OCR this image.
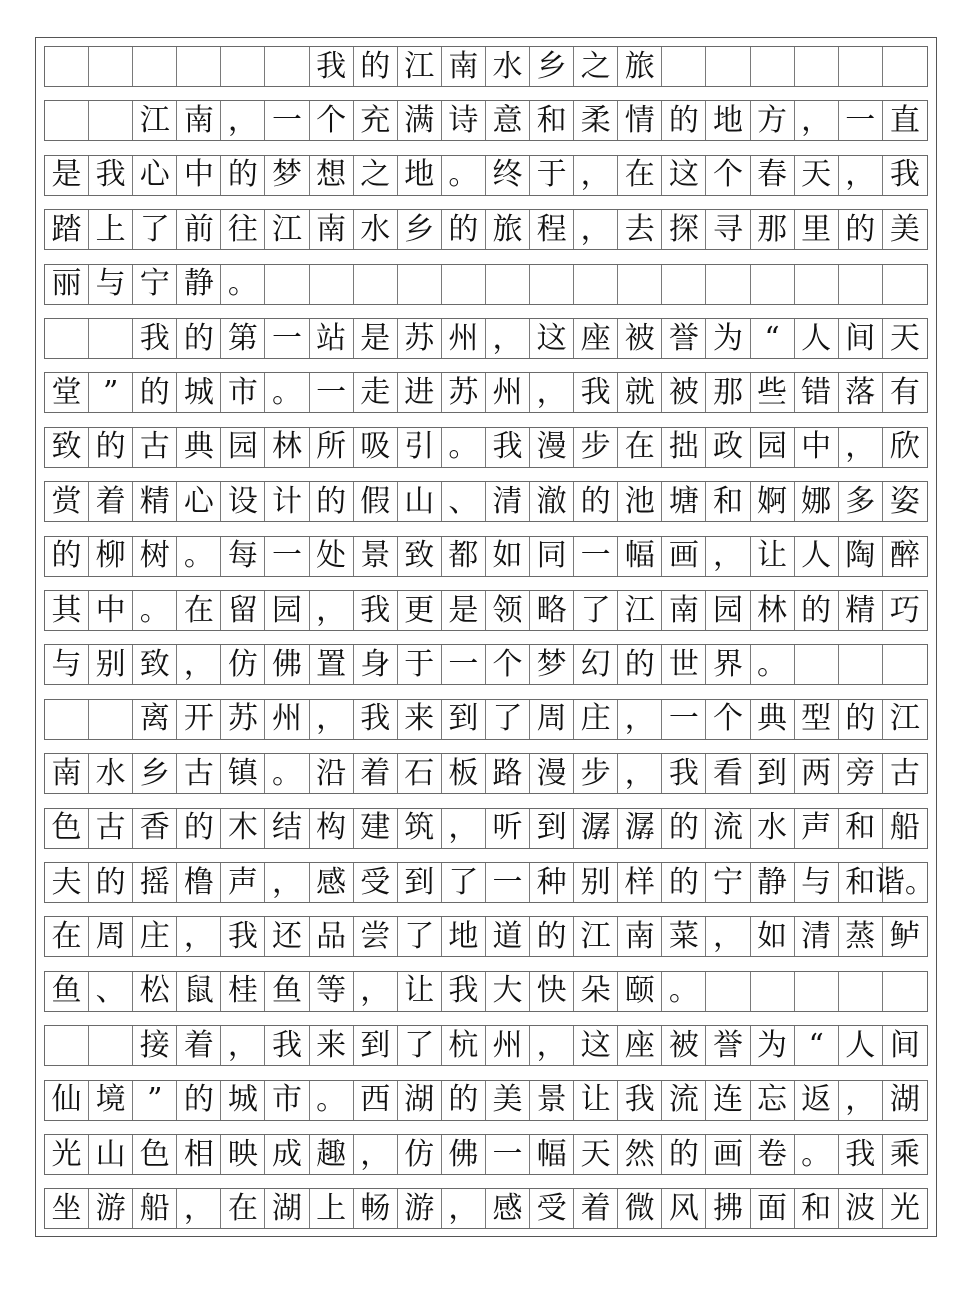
我 的 江 南 水 乡 之 旅
江 南 ， 一 个 充 满 诗 意 和 柔 情 的 地 方 ， 一 直
是 我 心 中 的 梦 想 之 地 。 终 于 ， 在 这 个 春 天 ， 我
踏 上 了 前 往 江 南 水 乡 的 旅 程 ， 去 探 寻 那 里 的 美
丽 与 宁 静 。
我 的 第 一 站 是 苏 州 ， 这 座 被 誉 为 “ 人 间 天
堂 ” 的 城 市 。 一 走 进 苏 州 ， 我 就 被 那 些 错 落 有
致 的 古 典 园 林 所 吸 引 。 我 漫 步 在 拙 政 园 中 ， 欣
赏 着 精 心 设 计 的 假 山 、 清 澈 的 池 塘 和 婀 娜 多 姿
的 柳 树 。 每 一 处 景 致 都 如 同 一 幅 画 ， 让 人 陶 醉
其 中 。 在 留 园 ， 我 更 是 领 略 了 江 南 园 林 的 精 巧
与 别 致 ， 仿 佛 置 身 于 一 个 梦 幻 的 世 界 。
离 开 苏 州 ， 我 来 到 了 周 庄 ， 一 个 典 型 的 江
南 水 乡 古 镇 。 沿 着 石 板 路 漫 步 ， 我 看 到 两 旁 古
色 古 香 的 木 结 构 建 筑 ， 听 到 潺 潺 的 流 水 声 和 船
夫 的 摇 橹 声 ， 感 受 到 了 一 种 别 样 的 宁 静 与 和 谐。
在 周 庄 ， 我 还 品 尝 了 地 道 的 江 南 菜 ， 如 清 蒸 鲈
鱼 、 松 鼠 桂 鱼 等 ， 让 我 大 快 朵 颐 。
接 着 ， 我 来 到 了 杭 州 ， 这 座 被 誉 为 “ 人 间
仙 境 ” 的 城 市 。 西 湖 的 美 景 让 我 流 连 忘 返 ， 湖
光 山 色 相 映 成 趣 ， 仿 佛 一 幅 天 然 的 画 卷 。 我 乘
坐 游 船 ， 在 湖 上 畅 游 ， 感 受 着 微 风 拂 面 和 波 光
